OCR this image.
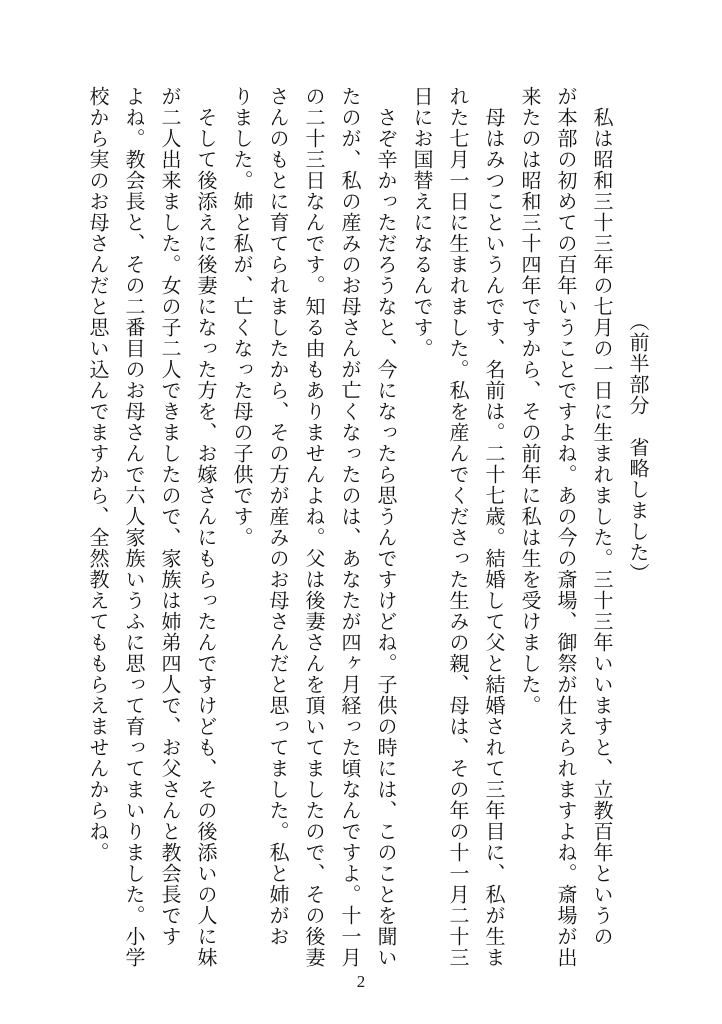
（前半部分　省略しました）

私は昭和三十三年の七月の一日に生まれました。三十三年いいますと、立教百年というの

が本部の初めての百年いうことですよね。あの今の斎場、御祭が仕えられますよね。斎場が出

来たのは昭和三十四年ですから、その前年に私は生を受けました。

母はみつこというんです、名前は。二十七歳。結婚して父と結婚されて三年目に、私が生ま

れた七月一日に生まれました。私を産んでくださった生みの親、母は、その年の十一月二十三

日にお国替えになるんです。

さぞ辛かっただろうなと、今になったら思うんですけどね。子供の時には、このことを聞い

たのが、私の産みのお母さんが亡くなったのは、あなたが四ヶ月経った頃なんですよ。十一月

の二十三日なんです。知る由もありませんよね。父は後妻さんを頂いてましたので、その後妻

さんのもとに育てられましたから、その方が産みのお母さんだと思ってました。私と姉がお

りました。姉と私が、亡くなった母の子供です。

そして後添えに後妻になった方を、お嫁さんにもらったんですけども、その後添いの人に妹

が二人出来ました。女の子二人できましたので、家族は姉弟四人で、お父さんと教会長です

よね。教会長と、その二番目のお母さんで六人家族いうふに思って育ってまいりました。小学

校から実のお母さんだと思い込んでますから、全然教えてももらえませんからね。

2
